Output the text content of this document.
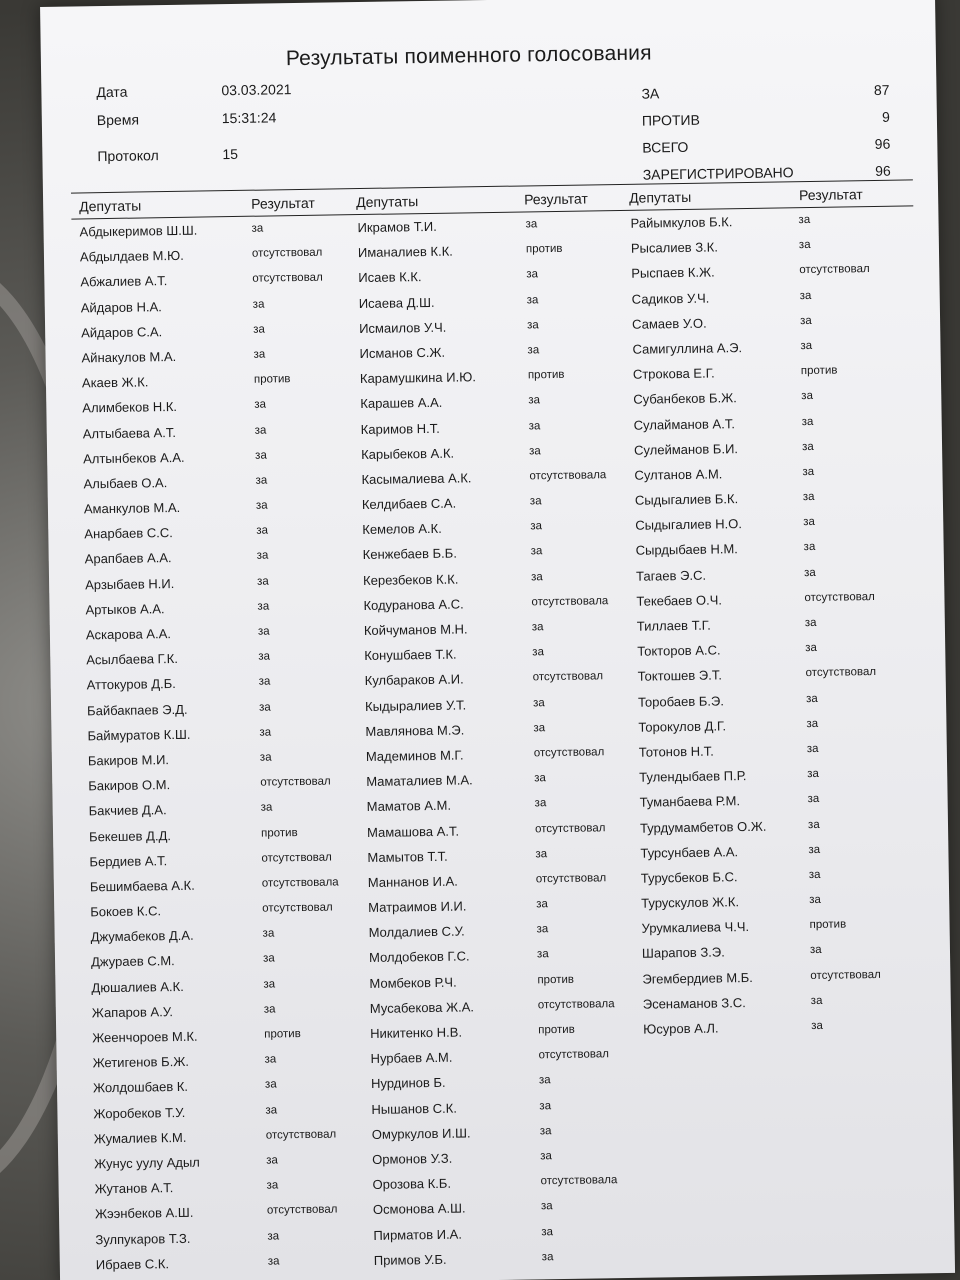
Результаты поименного голосования
Дата	03.03.2021
Время	15:31:24
Протокол	15
ЗА	87
ПРОТИВ	9
ВСЕГО	96
ЗАРЕГИСТРИРОВАНО	96
Депутаты	Результат	Депутаты	Результат	Депутаты	Результат
Абдыкеримов Ш.Ш.	за
Абдылдаев М.Ю.	отсутствовал
Абжалиев А.Т.	отсутствовал
Айдаров Н.А.	за
Айдаров С.А.	за
Айнакулов М.А.	за
Акаев Ж.К.	против
Алимбеков Н.К.	за
Алтыбаева А.Т.	за
Алтынбеков А.А.	за
Алыбаев О.А.	за
Аманкулов М.А.	за
Анарбаев С.С.	за
Арапбаев А.А.	за
Арзыбаев Н.И.	за
Артыков А.А.	за
Аскарова А.А.	за
Асылбаева Г.К.	за
Аттокуров Д.Б.	за
Байбакпаев Э.Д.	за
Баймуратов К.Ш.	за
Бакиров М.И.	за
Бакиров О.М.	отсутствовал
Бакчиев Д.А.	за
Бекешев Д.Д.	против
Бердиев А.Т.	отсутствовал
Бешимбаева А.К.	отсутствовала
Бокоев К.С.	отсутствовал
Джумабеков Д.А.	за
Джураев С.М.	за
Дюшалиев А.К.	за
Жапаров А.У.	за
Жеенчороев М.К.	против
Жетигенов Б.Ж.	за
Жолдошбаев К.	за
Жоробеков Т.У.	за
Жумалиев К.М.	отсутствовал
Жунус уулу Адыл	за
Жутанов А.Т.	за
Жээнбеков А.Ш.	отсутствовал
Зулпукаров Т.З.	за
Ибраев С.К.	за
Икрамов Т.И.	за
Иманалиев К.К.	против
Исаев К.К.	за
Исаева Д.Ш.	за
Исмаилов У.Ч.	за
Исманов С.Ж.	за
Карамушкина И.Ю.	против
Карашев А.А.	за
Каримов Н.Т.	за
Карыбеков А.К.	за
Касымалиева А.К.	отсутствовала
Келдибаев С.А.	за
Кемелов А.К.	за
Кенжебаев Б.Б.	за
Керезбеков К.К.	за
Кодуранова А.С.	отсутствовала
Койчуманов М.Н.	за
Конушбаев Т.К.	за
Кулбараков А.И.	отсутствовал
Кыдыралиев У.Т.	за
Мавлянова М.Э.	за
Мадеминов М.Г.	отсутствовал
Маматалиев М.А.	за
Маматов А.М.	за
Мамашова А.Т.	отсутствовал
Мамытов Т.Т.	за
Маннанов И.А.	отсутствовал
Матраимов И.И.	за
Молдалиев С.У.	за
Молдобеков Г.С.	за
Момбеков Р.Ч.	против
Мусабекова Ж.А.	отсутствовала
Никитенко Н.В.	против
Нурбаев А.М.	отсутствовал
Нурдинов Б.	за
Нышанов С.К.	за
Омуркулов И.Ш.	за
Ормонов У.З.	за
Орозова К.Б.	отсутствовала
Осмонова А.Ш.	за
Пирматов И.А.	за
Примов У.Б.	за
Райымкулов Б.К.	за
Рысалиев З.К.	за
Рыспаев К.Ж.	отсутствовал
Садиков У.Ч.	за
Самаев У.О.	за
Самигуллина А.Э.	за
Строкова Е.Г.	против
Субанбеков Б.Ж.	за
Сулайманов А.Т.	за
Сулейманов Б.И.	за
Султанов А.М.	за
Сыдыгалиев Б.К.	за
Сыдыгалиев Н.О.	за
Сырдыбаев Н.М.	за
Тагаев Э.С.	за
Текебаев О.Ч.	отсутствовал
Тиллаев Т.Г.	за
Токторов А.С.	за
Токтошев Э.Т.	отсутствовал
Торобаев Б.Э.	за
Торокулов Д.Г.	за
Тотонов Н.Т.	за
Тулендыбаев П.Р.	за
Туманбаева Р.М.	за
Турдумамбетов О.Ж.	за
Турсунбаев А.А.	за
Турусбеков Б.С.	за
Турускулов Ж.К.	за
Урумкалиева Ч.Ч.	против
Шарапов З.Э.	за
Эгембердиев М.Б.	отсутствовал
Эсенаманов З.С.	за
Юсуров А.Л.	за
